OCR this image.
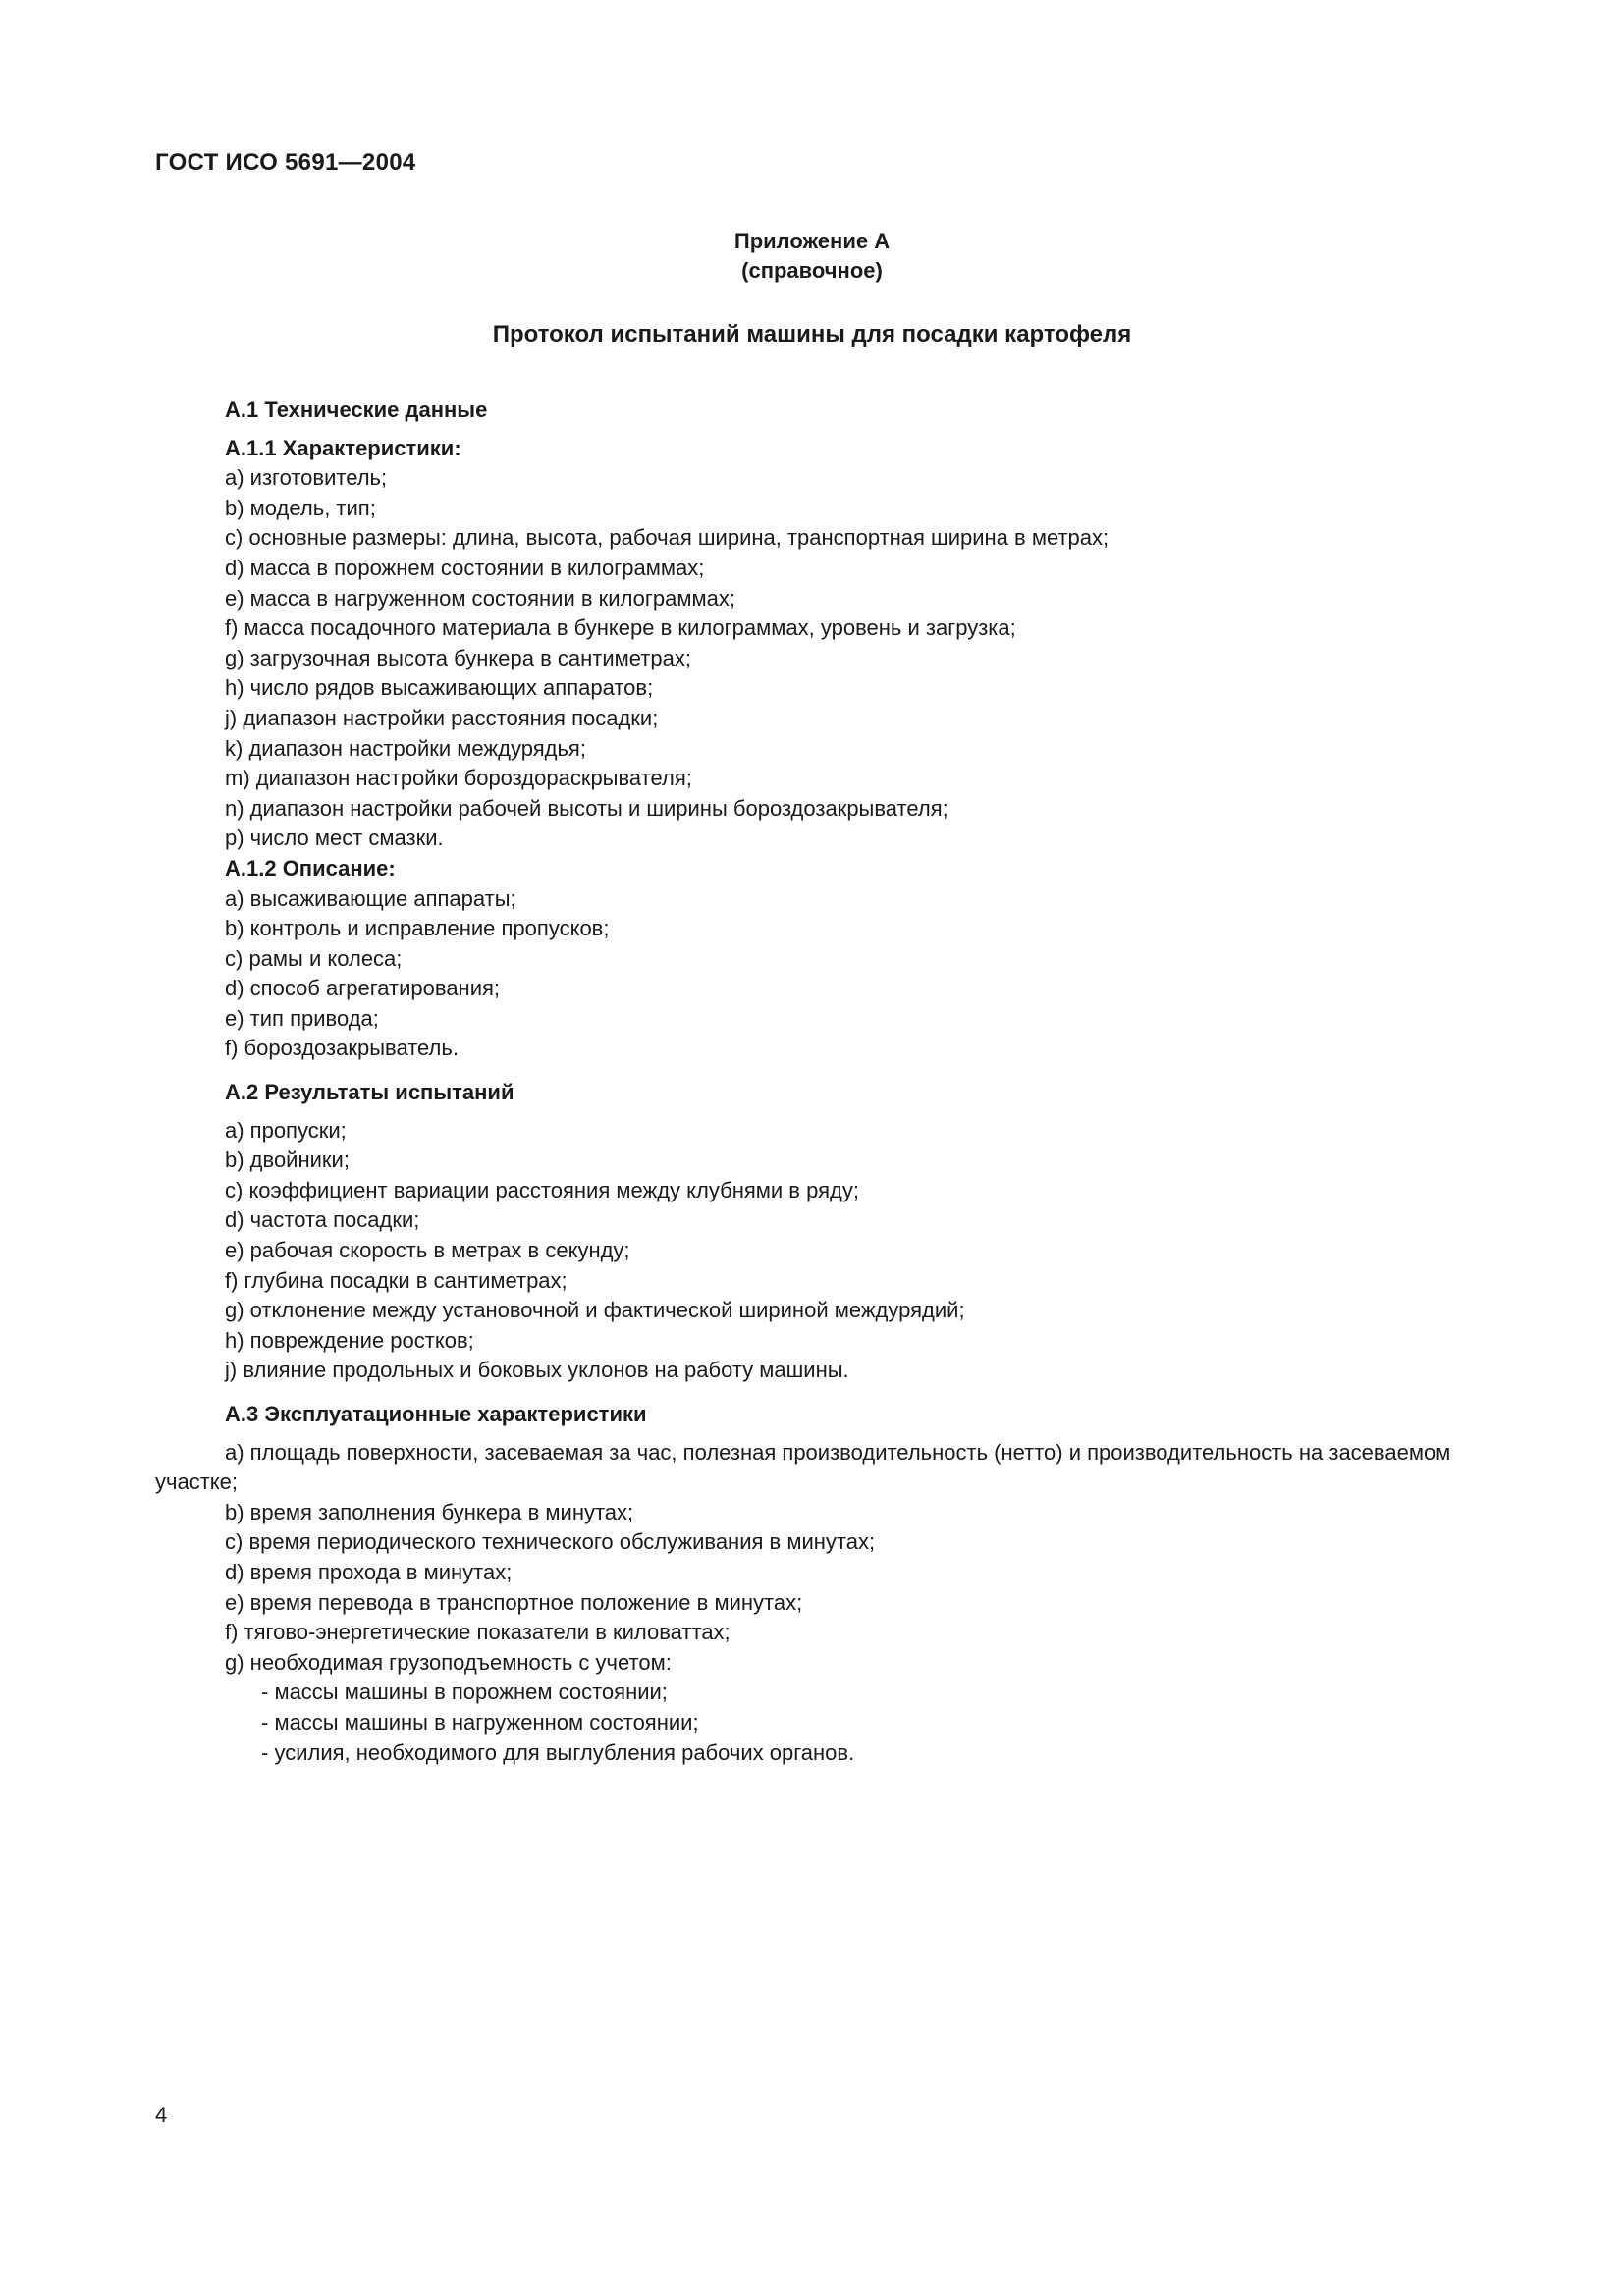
ГОСТ ИСО 5691—2004
Приложение А
(справочное)
Протокол испытаний машины для посадки картофеля

А.1 Технические данные

А.1.1 Характеристики:

а) изготовитель;

b) модель, тип;

с) основные размеры: длина, высота, рабочая ширина, транспортная ширина в метрах;

d) масса в порожнем состоянии в килограммах;

е) масса в нагруженном состоянии в килограммах;

f) масса посадочного материала в бункере в килограммах, уровень и загрузка;

g) загрузочная высота бункера в сантиметрах;

h) число рядов высаживающих аппаратов;

j) диапазон настройки расстояния посадки;

k) диапазон настройки междурядья;

m) диапазон настройки бороздораскрывателя;

n) диапазон настройки рабочей высоты и ширины бороздозакрывателя;

р) число мест смазки.

А.1.2 Описание:

а) высаживающие аппараты;

b) контроль и исправление пропусков;

с) рамы и колеса;

d) способ агрегатирования;

е) тип привода;

f) бороздозакрыватель.

А.2 Результаты испытаний

а) пропуски;

b) двойники;

с) коэффициент вариации расстояния между клубнями в ряду;

d) частота посадки;

е) рабочая скорость в метрах в секунду;

f) глубина посадки в сантиметрах;

g) отклонение между установочной и фактической шириной междурядий;

h) повреждение ростков;

j) влияние продольных и боковых уклонов на работу машины.

А.3 Эксплуатационные характеристики

а) площадь поверхности, засеваемая за час, полезная производительность (нетто) и производительность на засеваемом участке;

b) время заполнения бункера в минутах;

с) время периодического технического обслуживания в минутах;

d) время прохода в минутах;

е) время перевода в транспортное положение в минутах;

f) тягово-энергетические показатели в киловаттах;

g) необходимая грузоподъемность с учетом:

- массы машины в порожнем состоянии;

- массы машины в нагруженном состоянии;

- усилия, необходимого для выглубления рабочих органов.

4
